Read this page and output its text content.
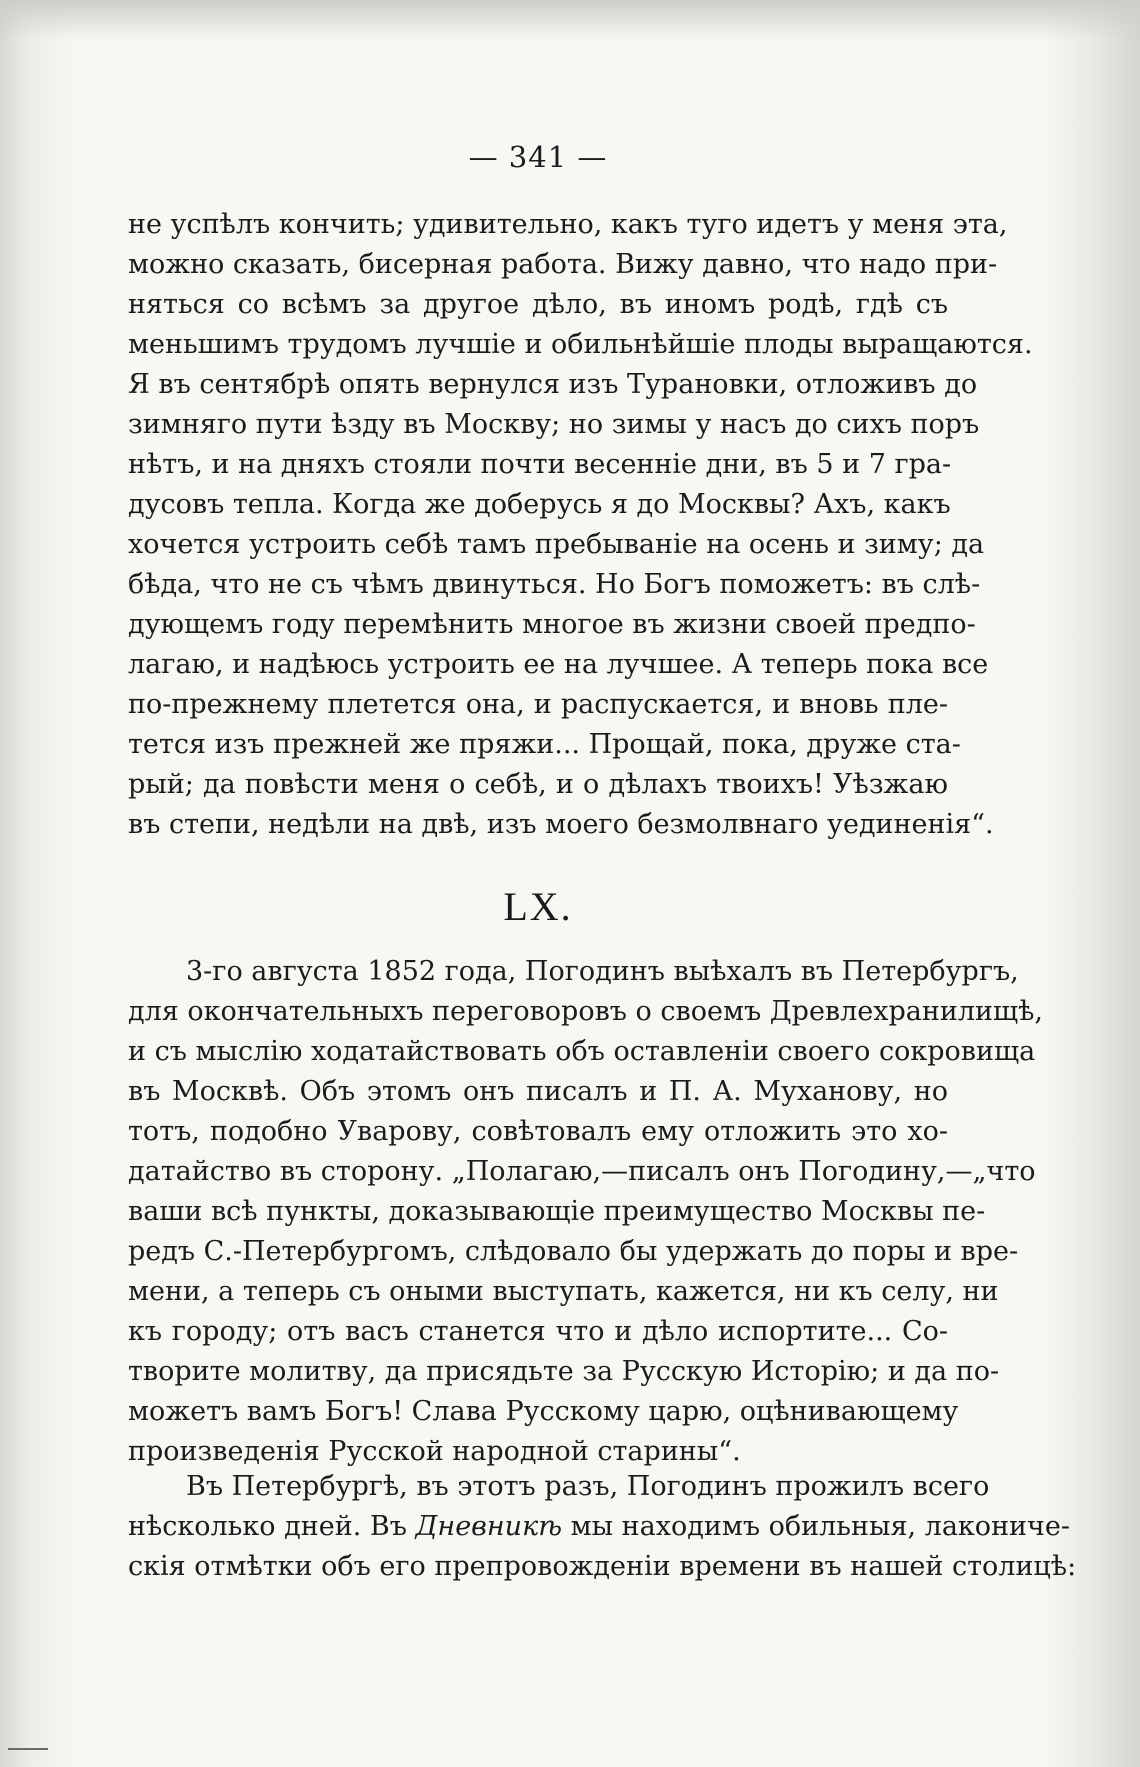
— 341 —
не успѣлъ кончить; удивительно, какъ туго идетъ у меня эта,
можно сказать, бисерная работа. Вижу давно, что надо при-
няться со всѣмъ за другое дѣло, въ иномъ родѣ, гдѣ съ
меньшимъ трудомъ лучшіе и обильнѣйшіе плоды выращаются.
Я въ сентябрѣ опять вернулся изъ Турановки, отложивъ до
зимняго пути ѣзду въ Москву; но зимы у насъ до сихъ поръ
нѣтъ, и на дняхъ стояли почти весенніе дни, въ 5 и 7 гра-
дусовъ тепла. Когда же доберусь я до Москвы? Ахъ, какъ
хочется устроить себѣ тамъ пребываніе на осень и зиму; да
бѣда, что не съ чѣмъ двинуться. Но Богъ поможетъ: въ слѣ-
дующемъ году перемѣнить многое въ жизни своей предпо-
лагаю, и надѣюсь устроить ее на лучшее. А теперь пока все
по-прежнему плетется она, и распускается, и вновь пле-
тется изъ прежней же пряжи... Прощай, пока, друже ста-
рый; да повѣсти меня о себѣ, и о дѣлахъ твоихъ! Уѣзжаю
въ степи, недѣли на двѣ, изъ моего безмолвнаго уединенія“.
LX.
3-го августа 1852 года, Погодинъ выѣхалъ въ Петербургъ,
для окончательныхъ переговоровъ о своемъ Древлехранилищѣ,
и съ мыслію ходатайствовать объ оставленіи своего сокровища
въ Москвѣ. Объ этомъ онъ писалъ и П. А. Муханову, но
тотъ, подобно Уварову, совѣтовалъ ему отложить это хо-
датайство въ сторону. „Полагаю,—писалъ онъ Погодину,—„что
ваши всѣ пункты, доказывающіе преимущество Москвы пе-
редъ С.-Петербургомъ, слѣдовало бы удержать до поры и вре-
мени, а теперь съ оными выступать, кажется, ни къ селу, ни
къ городу; отъ васъ станется что и дѣло испортите... Со-
творите молитву, да присядьте за Русскую Исторію; и да по-
можетъ вамъ Богъ! Слава Русскому царю, оцѣнивающему
произведенія Русской народной старины“.
Въ Петербургѣ, въ этотъ разъ, Погодинъ прожилъ всего
нѣсколько дней. Въ Дневникѣ мы находимъ обильныя, лакониче-
скія отмѣтки объ его препровожденіи времени въ нашей столицѣ:
